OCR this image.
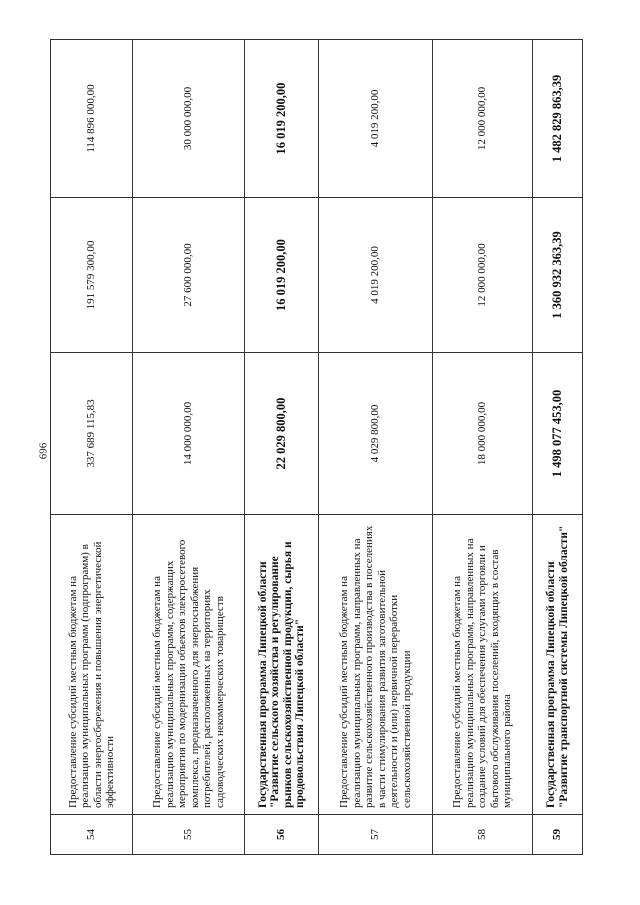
696
54	Предоставление субсидий местным бюджетам на реализацию муниципальных программ (подпрограмм) в области энергосбережения и повышения энергетической эффективности	337 689 115,83	191 579 300,00	114 896 000,00
55	Предоставление субсидий местным бюджетам на реализацию муниципальных программ, содержащих мероприятия по модернизации объектов электросетевого комплекса, предназначенного для энергоснабжения потребителей, расположенных на территориях садоводческих некоммерческих товариществ	14 000 000,00	27 600 000,00	30 000 000,00
56	Государственная программа Липецкой области "Развитие сельского хозяйства и регулирование рынков сельскохозяйственной продукции, сырья и продовольствия Липецкой области"	22 029 800,00	16 019 200,00	16 019 200,00
57	Предоставление субсидий местным бюджетам на реализацию муниципальных программ, направленных на развитие сельскохозяйственного производства в поселениях в части стимулирования развития заготовительной деятельности и (или) первичной переработки сельскохозяйственной продукции	4 029 800,00	4 019 200,00	4 019 200,00
58	Предоставление субсидий местным бюджетам на реализацию муниципальных программ, направленных на создание условий для обеспечения услугами торговли и бытового обслуживания поселений, входящих в состав муниципального района	18 000 000,00	12 000 000,00	12 000 000,00
59	Государственная программа Липецкой области "Развитие транспортной системы Липецкой области"	1 498 077 453,00	1 360 932 363,39	1 482 829 863,39
